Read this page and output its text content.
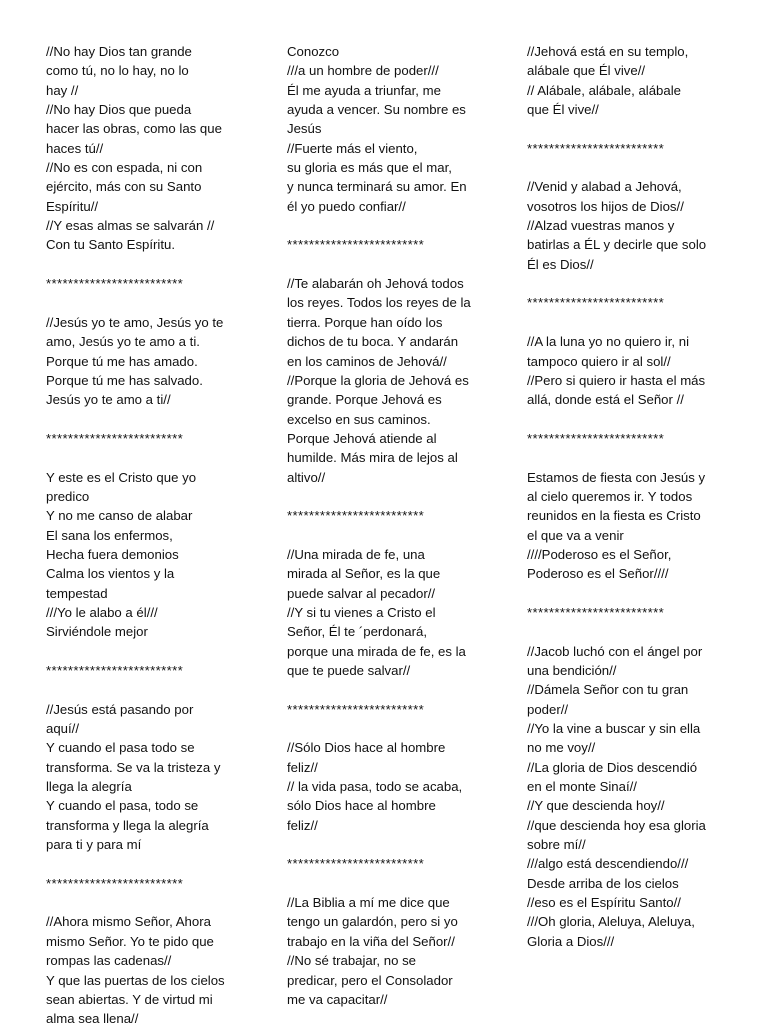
//No hay Dios tan grande
como tú, no lo hay, no lo
hay //
//No hay Dios que pueda
hacer las obras, como las que
haces tú//
//No es con espada, ni con
ejército, más con su Santo
Espíritu//
//Y esas almas se salvarán //
Con tu Santo Espíritu.
*************************
//Jesús yo te amo, Jesús yo te
amo, Jesús yo te amo a ti.
Porque tú me has amado.
Porque tú me has salvado.
Jesús yo te amo a ti//
*************************
Y este es el Cristo que yo
predico
Y no me canso de alabar
El sana los enfermos,
Hecha fuera demonios
Calma los vientos y la
tempestad
///Yo le alabo a él///
Sirviéndole mejor
*************************
//Jesús está pasando por
aquí//
Y cuando el pasa todo se
transforma. Se va la tristeza y
llega la alegría
Y cuando el pasa, todo se
transforma y llega la alegría
para ti y para mí
*************************
//Ahora mismo Señor, Ahora
mismo Señor. Yo te pido que
rompas las cadenas//
Y que las puertas de los cielos
sean abiertas. Y de virtud mi
alma sea llena//
Conozco
///a un hombre de poder///
Él me ayuda a triunfar, me
ayuda a vencer. Su nombre es
Jesús
//Fuerte más el viento,
su gloria es más que el mar,
y nunca terminará su amor. En
él yo puedo confiar//
*************************
//Te alabarán oh Jehová todos
los reyes. Todos los reyes de la
tierra. Porque han oído los
dichos de tu boca. Y andarán
en los caminos de Jehová//
//Porque la gloria de Jehová es
grande. Porque Jehová es
excelso en sus caminos.
Porque Jehová atiende al
humilde. Más mira de lejos al
altivo//
*************************
//Una mirada de fe, una
mirada al Señor, es la que
puede salvar al pecador//
//Y si tu vienes a Cristo el
Señor, Él te ´perdonará,
porque una mirada de fe, es la
que te puede salvar//
*************************
//Sólo Dios hace al hombre
feliz//
// la vida pasa, todo se acaba,
sólo Dios hace al hombre
feliz//
*************************
//La Biblia a mí me dice que
tengo un galardón, pero si yo
trabajo en la viña del Señor//
//No sé trabajar, no se
predicar, pero el Consolador
me va capacitar//
//Jehová está en su templo,
alábale que Él vive//
// Alábale, alábale, alábale
que Él vive//
*************************
//Venid y alabad a Jehová,
vosotros los hijos de Dios//
//Alzad vuestras manos y
batirlas a ÉL y decirle que solo
Él es Dios//
*************************
//A la luna yo no quiero ir, ni
tampoco quiero ir al sol//
//Pero si quiero ir hasta el más
allá, donde está el Señor //
*************************
Estamos de fiesta con Jesús y
al cielo queremos ir. Y todos
reunidos en la fiesta es Cristo
el que va a venir
////Poderoso es el Señor,
Poderoso es el Señor////
*************************
//Jacob luchó con el ángel por
una bendición//
//Dámela Señor con tu gran
poder//
//Yo la vine a buscar y sin ella
no me voy//
//La gloria de Dios descendió
en el monte Sinaí//
//Y que descienda hoy//
//que descienda hoy esa gloria
sobre mí//
///algo está descendiendo///
Desde arriba de los cielos
//eso es el Espíritu Santo//
///Oh gloria, Aleluya, Aleluya,
Gloria a Dios///
